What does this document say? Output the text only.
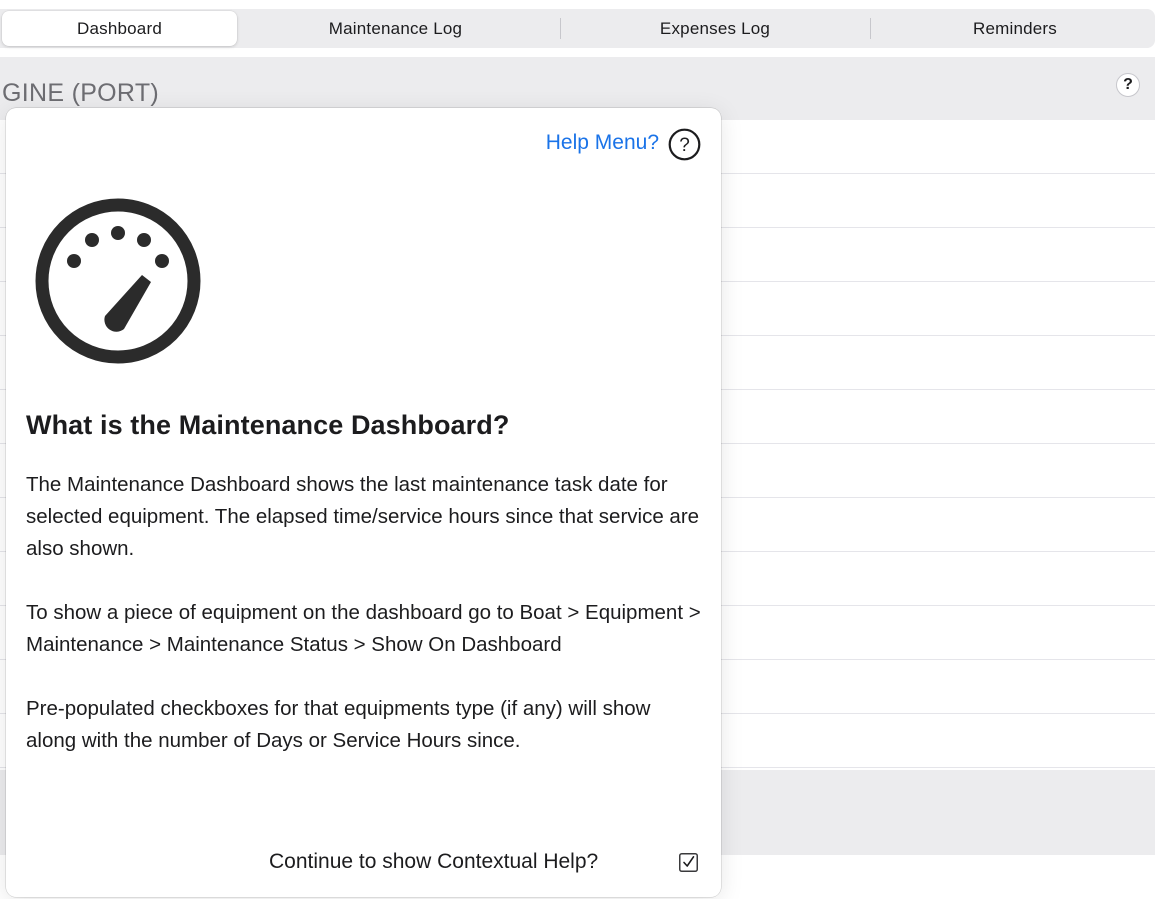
Dashboard	Maintenance Log	Expenses Log	Reminders
GINE (PORT)	?
Help Menu? ?
What is the Maintenance Dashboard?

The Maintenance Dashboard shows the last maintenance task date for selected equipment. The elapsed time/service hours since that service are also shown.

To show a piece of equipment on the dashboard go to Boat > Equipment > Maintenance > Maintenance Status > Show On Dashboard

Pre-populated checkboxes for that equipments type (if any) will show along with the number of Days or Service Hours since.

Continue to show Contextual Help?
